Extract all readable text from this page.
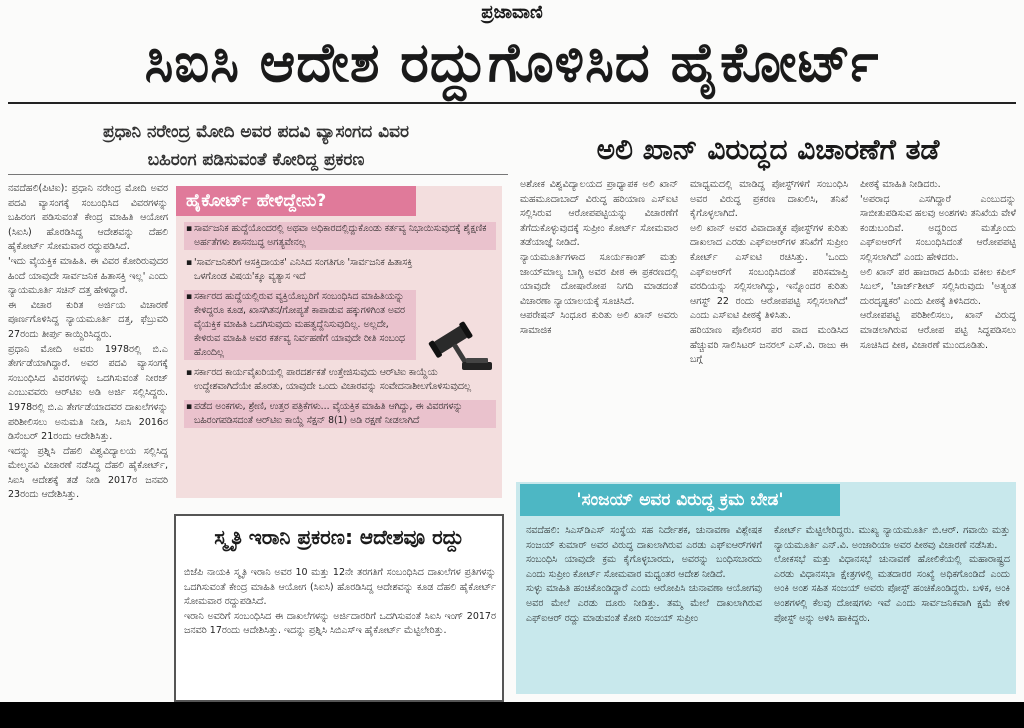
ಪ್ರಜಾವಾಣಿ
ಸಿಐಸಿ ಆದೇಶ ರದ್ದುಗೊಳಿಸಿದ ಹೈಕೋರ್ಟ್
ಪ್ರಧಾನಿ ನರೇಂದ್ರ ಮೋದಿ ಅವರ ಪದವಿ ವ್ಯಾಸಂಗದ ವಿವರ
ಬಹಿರಂಗ ಪಡಿಸುವಂತೆ ಕೋರಿದ್ದ ಪ್ರಕರಣ

ನವದೆಹಲಿ(ಪಿಟಿಐ): ಪ್ರಧಾನಿ ನರೇಂದ್ರ ಮೋದಿ ಅವರ ಪದವಿ ವ್ಯಾಸಂಗಕ್ಕೆ ಸಂಬಂಧಿಸಿದ ವಿವರಗಳನ್ನು ಬಹಿರಂಗ ಪಡಿಸುವಂತೆ ಕೇಂದ್ರ ಮಾಹಿತಿ ಆಯೋಗ (ಸಿಐಸಿ) ಹೊರಡಿಸಿದ್ದ ಆದೇಶವನ್ನು ದೆಹಲಿ ಹೈಕೋರ್ಟ್ ಸೋಮವಾರ ರದ್ದುಪಡಿಸಿದೆ.

'ಇದು ವೈಯಕ್ತಿಕ ಮಾಹಿತಿ. ಈ ವಿವರ ಕೋರಿರುವುದರ ಹಿಂದೆ ಯಾವುದೇ ಸಾರ್ವಜನಿಕ ಹಿತಾಸಕ್ತಿ ಇಲ್ಲ' ಎಂದು ನ್ಯಾಯಮೂರ್ತಿ ಸಚಿನ್ ದತ್ತ ಹೇಳಿದ್ದಾರೆ.

ಈ ವಿಚಾರ ಕುರಿತ ಅರ್ಜಿಯ ವಿಚಾರಣೆ ಪೂರ್ಣಗೊಳಿಸಿದ್ದ ನ್ಯಾಯಮೂರ್ತಿ ದತ್ತ, ಫೆಬ್ರುವರಿ 27ರಂದು ತೀರ್ಪು ಕಾಯ್ದಿರಿಸಿದ್ದರು.

ಪ್ರಧಾನಿ ಮೋದಿ ಅವರು 1978ರಲ್ಲಿ ಬಿ.ಎ ತೇರ್ಗಡೆಯಾಗಿದ್ದಾರೆ. ಅವರ ಪದವಿ ವ್ಯಾಸಂಗಕ್ಕೆ ಸಂಬಂಧಿಸಿದ ವಿವರಗಳನ್ನು ಒದಗಿಸುವಂತೆ ನೀರಜ್ ಎಂಬುವವರು ಆರ್‌ಟಿಐ ಅಡಿ ಅರ್ಜಿ ಸಲ್ಲಿಸಿದ್ದರು. 1978ರಲ್ಲಿ ಬಿ.ಎ ತೇರ್ಗಡೆಯಾದವರ ದಾಖಲೆಗಳನ್ನು ಪರಿಶೀಲಿಸಲು ಅನುಮತಿ ನೀಡಿ, ಸಿಐಸಿ 2016ರ ಡಿಸೆಂಬರ್ 21ರಂದು ಆದೇಶಿಸಿತ್ತು.

ಇದನ್ನು ಪ್ರಶ್ನಿಸಿ ದೆಹಲಿ ವಿಶ್ವವಿದ್ಯಾಲಯ ಸಲ್ಲಿಸಿದ್ದ ಮೇಲ್ಮನವಿ ವಿಚಾರಣೆ ನಡೆಸಿದ್ದ ದೆಹಲಿ ಹೈಕೋರ್ಟ್, ಸಿಐಸಿ ಆದೇಶಕ್ಕೆ ತಡೆ ನೀಡಿ 2017ರ ಜನವರಿ 23ರಂದು ಆದೇಶಿಸಿತ್ತು.

ಹೈಕೋರ್ಟ್ ಹೇಳಿದ್ದೇನು?
▪ ಸಾರ್ವಜನಿಕ ಹುದ್ದೆಯೊಂದರಲ್ಲಿ ಅಥವಾ ಅಧಿಕಾರದಲ್ಲಿದ್ದುಕೊಂಡು ಕರ್ತವ್ಯ ನಿಭಾಯಿಸುವುದಕ್ಕೆ ಶೈಕ್ಷಣಿಕ ಅರ್ಹತೆಗಳು ಶಾಸನಬದ್ಧ ಅಗತ್ಯವೇನಲ್ಲ
▪ 'ಸಾರ್ವಜನಿಕರಿಗೆ ಆಸಕ್ತಿದಾಯಕ' ಎನಿಸಿದ ಸಂಗತಿಗೂ 'ಸಾರ್ವಜನಿಕ ಹಿತಾಸಕ್ತಿ ಒಳಗೊಂಡ ವಿಷಯ'ಕ್ಕೂ ವ್ಯತ್ಯಾಸ ಇದೆ
▪ ಸರ್ಕಾರದ ಹುದ್ದೆಯಲ್ಲಿರುವ ವ್ಯಕ್ತಿಯೊಬ್ಬರಿಗೆ ಸಂಬಂಧಿಸಿದ ಮಾಹಿತಿಯನ್ನು ಕೇಳಿದ್ದರೂ ಕೂಡ, ಖಾಸಗಿತನ/ಗೋಪ್ಯತೆ ಕಾಪಾಡುವ ಹಕ್ಕುಗಳಿಗಿಂತ ಅವರ ವೈಯಕ್ತಿಕ ಮಾಹಿತಿ ಒದಗಿಸುವುದು ಮಹತ್ವದ್ದೆನಿಸುವುದಿಲ್ಲ. ಅಲ್ಲದೇ, ಕೇಳಿರುವ ಮಾಹಿತಿ ಅವರ ಕರ್ತವ್ಯ ನಿರ್ವಹಣೆಗೆ ಯಾವುದೇ ರೀತಿ ಸಂಬಂಧ ಹೊಂದಿಲ್ಲ
▪ ಸರ್ಕಾರದ ಕಾರ್ಯವೈಖರಿಯಲ್ಲಿ ಪಾರದರ್ಶಕತೆ ಉತ್ತೇಜಿಸುವುದು ಆರ್‌ಟಿಐ ಕಾಯ್ದೆಯ ಉದ್ದೇಶವಾಗಿದೆಯೇ ಹೊರತು, ಯಾವುದೇ ಒಂದು ವಿಚಾರವನ್ನು ಸಂವೇದನಾಶೀಲಗೊಳಿಸುವುದಲ್ಲ
▪ ಪಡೆದ ಅಂಕಗಳು, ಶ್ರೇಣಿ, ಉತ್ತರ ಪತ್ರಿಕೆಗಳು... ವೈಯಕ್ತಿಕ ಮಾಹಿತಿ ಆಗಿದ್ದು, ಈ ವಿವರಗಳನ್ನು ಬಹಿರಂಗಪಡಿಸದಂತೆ ಆರ್‌ಟಿಐ ಕಾಯ್ದೆ ಸೆಕ್ಷನ್ 8(1) ಅಡಿ ರಕ್ಷಣೆ ನೀಡಲಾಗಿದೆ
ಸ್ಮೃತಿ ಇರಾನಿ ಪ್ರಕರಣ: ಆದೇಶವೂ ರದ್ದು

ಬಿಜೆಪಿ ನಾಯಕಿ ಸ್ಮೃತಿ ಇರಾನಿ ಅವರ 10 ಮತ್ತು 12ನೇ ತರಗತಿಗೆ ಸಂಬಂಧಿಸಿದ ದಾಖಲೆಗಳ ಪ್ರತಿಗಳನ್ನು ಒದಗಿಸುವಂತೆ ಕೇಂದ್ರ ಮಾಹಿತಿ ಆಯೋಗ (ಸಿಐಸಿ) ಹೊರಡಿಸಿದ್ದ ಆದೇಶವನ್ನು ಕೂಡ ದೆಹಲಿ ಹೈಕೋರ್ಟ್ ಸೋಮವಾರ ರದ್ದುಪಡಿಸಿದೆ.

ಇರಾನಿ ಅವರಿಗೆ ಸಂಬಂಧಿಸಿದ ಈ ದಾಖಲೆಗಳನ್ನು ಅರ್ಜಿದಾರರಿಗೆ ಒದಗಿಸುವಂತೆ ಸಿಐಸಿ ಇಂಗ್ 2017ರ ಜನವರಿ 17ರಂದು ಆದೇಶಿಸಿತ್ತು. ಇದನ್ನು ಪ್ರಶ್ನಿಸಿ ಸಿಬಿಎಸ್‌ಇ ಹೈಕೋರ್ಟ್ ಮೆಟ್ಟಿಲೇರಿತ್ತು.

ಅಲಿ ಖಾನ್ ವಿರುದ್ಧದ ವಿಚಾರಣೆಗೆ ತಡೆ

ಅಶೋಕ ವಿಶ್ವವಿದ್ಯಾಲಯದ ಪ್ರಾಧ್ಯಾಪಕ ಅಲಿ ಖಾನ್ ಮಹಮೂದಾಬಾದ್ ವಿರುದ್ಧ ಹರಿಯಾಣ ಎಸ್ಐಟಿ ಸಲ್ಲಿಸಿರುವ ಆರೋಪಪಟ್ಟಿಯನ್ನು ವಿಚಾರಣೆಗೆ ತೆಗೆದುಕೊಳ್ಳುವುದಕ್ಕೆ ಸುಪ್ರೀಂ ಕೋರ್ಟ್ ಸೋಮವಾರ ತಡೆಯಾಜ್ಞೆ ನೀಡಿದೆ.

ನ್ಯಾಯಮೂರ್ತಿಗಳಾದ ಸೂರ್ಯಕಾಂತ್ ಮತ್ತು ಜಾಯ್‌ಮಾಲ್ಯ ಬಾಗ್ಚಿ ಅವರ ಪೀಠ ಈ ಪ್ರಕರಣದಲ್ಲಿ ಯಾವುದೇ ದೋಷಾರೋಪ ನಿಗದಿ ಮಾಡದಂತೆ ವಿಚಾರಣಾ ನ್ಯಾಯಾಲಯಕ್ಕೆ ಸೂಚಿಸಿದೆ.

ಆಪರೇಷನ್ ಸಿಂಧೂರ ಕುರಿತು ಅಲಿ ಖಾನ್ ಅವರು ಸಾಮಾಜಿಕ

ಮಾಧ್ಯಮದಲ್ಲಿ ಮಾಡಿದ್ದ ಪೋಸ್ಟ್‌ಗಳಿಗೆ ಸಂಬಂಧಿಸಿ ಅವರ ವಿರುದ್ಧ ಪ್ರಕರಣ ದಾಖಲಿಸಿ, ತನಿಖೆ ಕೈಗೊಳ್ಳಲಾಗಿದೆ.

ಅಲಿ ಖಾನ್ ಅವರ ವಿವಾದಾತ್ಮಕ ಪೋಸ್ಟ್‌ಗಳ ಕುರಿತು ದಾಖಲಾದ ಎರಡು ಎಫ್ಐಆರ್‌ಗಳ ತನಿಖೆಗೆ ಸುಪ್ರೀಂ ಕೋರ್ಟ್ ಎಸ್ಐಟಿ ರಚಿಸಿತ್ತು. 'ಒಂದು ಎಫ್ಐಆರ್‌ಗೆ ಸಂಬಂಧಿಸಿದಂತೆ ಪರಿಸಮಾಪ್ತಿ ವರದಿಯನ್ನು ಸಲ್ಲಿಸಲಾಗಿದ್ದು, ಇನ್ನೊಂದರ ಕುರಿತು ಆಗಸ್ಟ್ 22 ರಂದು ಆರೋಪಪಟ್ಟಿ ಸಲ್ಲಿಸಲಾಗಿದೆ' ಎಂದು ಎಸ್ಐಟಿ ಪೀಠಕ್ಕೆ ತಿಳಿಸಿತು.

ಹರಿಯಾಣ ಪೊಲೀಸರ ಪರ ವಾದ ಮಂಡಿಸಿದ ಹೆಚ್ಚುವರಿ ಸಾಲಿಸಿಟರ್ ಜನರಲ್ ಎಸ್.ವಿ. ರಾಜು ಈ ಬಗ್ಗೆ

ಪೀಠಕ್ಕೆ ಮಾಹಿತಿ ನೀಡಿದರು.

'ಅಪರಾಧ ಎಸಗಿದ್ದಾರೆ ಎಂಬುದನ್ನು ಸಾಬೀತುಪಡಿಸುವ ಹಲವು ಅಂಶಗಳು ತನಿಖೆಯ ವೇಳೆ ಕಂಡುಬಂದಿವೆ. ಅದ್ದರಿಂದ ಮತ್ತೊಂದು ಎಫ್ಐಆರ್‌ಗೆ ಸಂಬಂಧಿಸಿದಂತೆ ಆರೋಪಪಟ್ಟಿ ಸಲ್ಲಿಸಲಾಗಿದೆ' ಎಂದು ಹೇಳಿದರು.

ಅಲಿ ಖಾನ್ ಪರ ಹಾಜರಾದ ಹಿರಿಯ ವಕೀಲ ಕಪಿಲ್ ಸಿಬಲ್, 'ಚಾರ್ಜ್‌ಶೀಟ್ ಸಲ್ಲಿಸಿರುವುದು 'ಅತ್ಯಂತ ದುರದೃಷ್ಟಕರ' ಎಂದು ಪೀಠಕ್ಕೆ ತಿಳಿಸಿದರು.

ಆರೋಪಪಟ್ಟಿ ಪರಿಶೀಲಿಸಲು, ಖಾನ್ ವಿರುದ್ಧ ಮಾಡಲಾಗಿರುವ ಆರೋಪ ಪಟ್ಟಿ ಸಿದ್ಧಪಡಿಸಲು ಸೂಚಿಸಿದ ಪೀಠ, ವಿಚಾರಣೆ ಮುಂದೂಡಿತು.

'ಸಂಜಯ್ ಅವರ ವಿರುದ್ಧ ಕ್ರಮ ಬೇಡ'

ನವದೆಹಲಿ: ಸಿಎಸ್‌ಡಿಎಸ್ ಸಂಸ್ಥೆಯ ಸಹ ನಿರ್ದೇಶಕ, ಚುನಾವಣಾ ವಿಶ್ಲೇಷಕ ಸಂಜಯ್ ಕುಮಾರ್ ಅವರ ವಿರುದ್ಧ ದಾಖಲಾಗಿರುವ ಎರಡು ಎಫ್ಐಆರ್‌ಗಳಿಗೆ ಸಂಬಂಧಿಸಿ ಯಾವುದೇ ಕ್ರಮ ಕೈಗೊಳ್ಳಬಾರದು, ಅವರನ್ನು ಬಂಧಿಸಬಾರದು ಎಂದು ಸುಪ್ರೀಂ ಕೋರ್ಟ್ ಸೋಮವಾರ ಮಧ್ಯಂತರ ಆದೇಶ ನೀಡಿದೆ.

ಸುಳ್ಳು ಮಾಹಿತಿ ಹಂಚಿಕೊಂಡಿದ್ದಾರೆ ಎಂದು ಆರೋಪಿಸಿ ಚುನಾವಣಾ ಆಯೋಗವು ಅವರ ಮೇಲೆ ಎರಡು ದೂರು ನೀಡಿತ್ತು. ತಮ್ಮ ಮೇಲೆ ದಾಖಲಾಗಿರುವ ಎಫ್ಐಆರ್ ರದ್ದು ಮಾಡುವಂತೆ ಕೋರಿ ಸಂಜಯ್ ಸುಪ್ರೀಂ

ಕೋರ್ಟ್ ಮೆಟ್ಟಿಲೇರಿದ್ದರು. ಮುಖ್ಯ ನ್ಯಾಯಮೂರ್ತಿ ಬಿ.ಆರ್. ಗವಾಯಿ ಮತ್ತು ನ್ಯಾಯಮೂರ್ತಿ ಎನ್.ವಿ. ಅಂಜಾರಿಯಾ ಅವರ ಪೀಠವು ವಿಚಾರಣೆ ನಡೆಸಿತು.

ಲೋಕಸಭೆ ಮತ್ತು ವಿಧಾನಸಭೆ ಚುನಾವಣೆ ಹೋಲಿಕೆಯಲ್ಲಿ ಮಹಾರಾಷ್ಟ್ರದ ಎರಡು ವಿಧಾನಸಭಾ ಕ್ಷೇತ್ರಗಳಲ್ಲಿ ಮತದಾರರ ಸಂಖ್ಯೆ ಅಧಿಕಗೊಂಡಿದೆ ಎಂದು ಅಂಕಿ ಅಂಶ ಸಹಿತ ಸಂಜಯ್ ಅವರು ಪೋಸ್ಟ್ ಹಂಚಿಕೊಂಡಿದ್ದರು. ಬಳಿಕ, ಅಂಕಿ ಅಂಶಗಳಲ್ಲಿ ಕೆಲವು ದೋಷಗಳು ಇವೆ ಎಂದು ಸಾರ್ವಜನಿಕವಾಗಿ ಕ್ಷಮೆ ಕೇಳಿ ಪೋಸ್ಟ್ ಅನ್ನು ಅಳಿಸಿ ಹಾಕಿದ್ದರು.
